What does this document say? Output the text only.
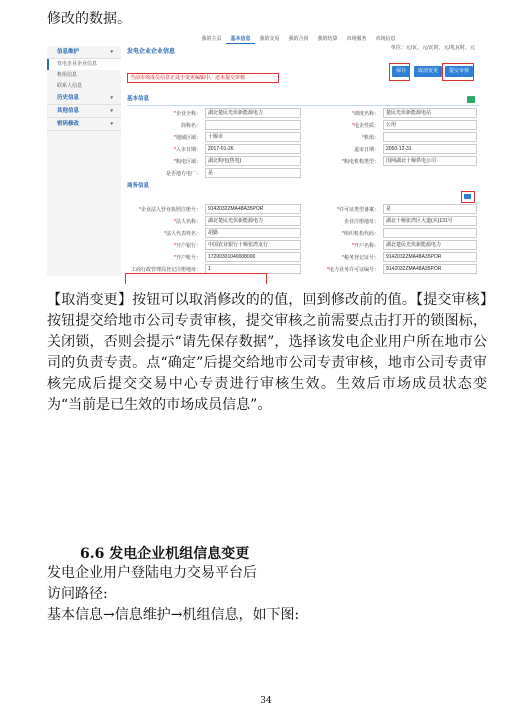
修改的数据。

我的主页	基本信息	我的交易	我的合同	我的结算	市场服务	市场信息
单位：元/瓦，元/瓦时，元/兆瓦时，元
信息维护	▾
发电企业企业信息
机组信息
联系人信息
历史信息	▾
其他信息	▾
密码修改	▾
发电企业企业信息
当前市场成员信息正处于变更编辑中，还未提交审核
保存	取消变更	提交审核
基本信息
*企业全称：	湖北楚民光伏新能源电力	*调度名称：	楚民光伏新能源电站
简称名：	*电企性质：	公用
*地域区域：	十堰市	*机组：
*入市日期：	2017-01-26	退市日期：	2050-12-31
*购电区域：	湖北购电(售电)	*购电机构类型：	国网湖北十堰供电公司
是否地方电厂：	是
商务信息
*企业法人营业执照注册号：	9142032ZMA48A35POR	*许可证类型备案：	是
*法人名称：	湖北楚民光伏新能源电力	企业注册地址：	湖北十堰张湾区大道(兵)131号
*法人代表姓名：	胡勤	*组织机构代码：
*开户银行：	中国农业银行十堰张湾支行	*开户名称：	湖北楚民光伏新能源电力
*开户账号：	17200301040008000	*税务登记证号：	9142032ZMA48A35POR
工商行政管理局登记注册地址：	1	*电力业务许可证编号：	9142032ZMA48A35POR

【取消变更】按钮可以取消修改的的值，回到修改前的值。【提交审核】按钮提交给地市公司专责审核，提交审核之前需要点击打开的锁图标，关闭锁，否则会提示“请先保存数据”，选择该发电企业用户所在地市公司的负责专责。点“确定”后提交给地市公司专责审核，地市公司专责审核完成后提交交易中心专责进行审核生效。生效后市场成员状态变为“当前是已生效的市场成员信息”。

6.6 发电企业机组信息变更

发电企业用户登陆电力交易平台后

访问路径:

基本信息→信息维护→机组信息，如下图:

34
